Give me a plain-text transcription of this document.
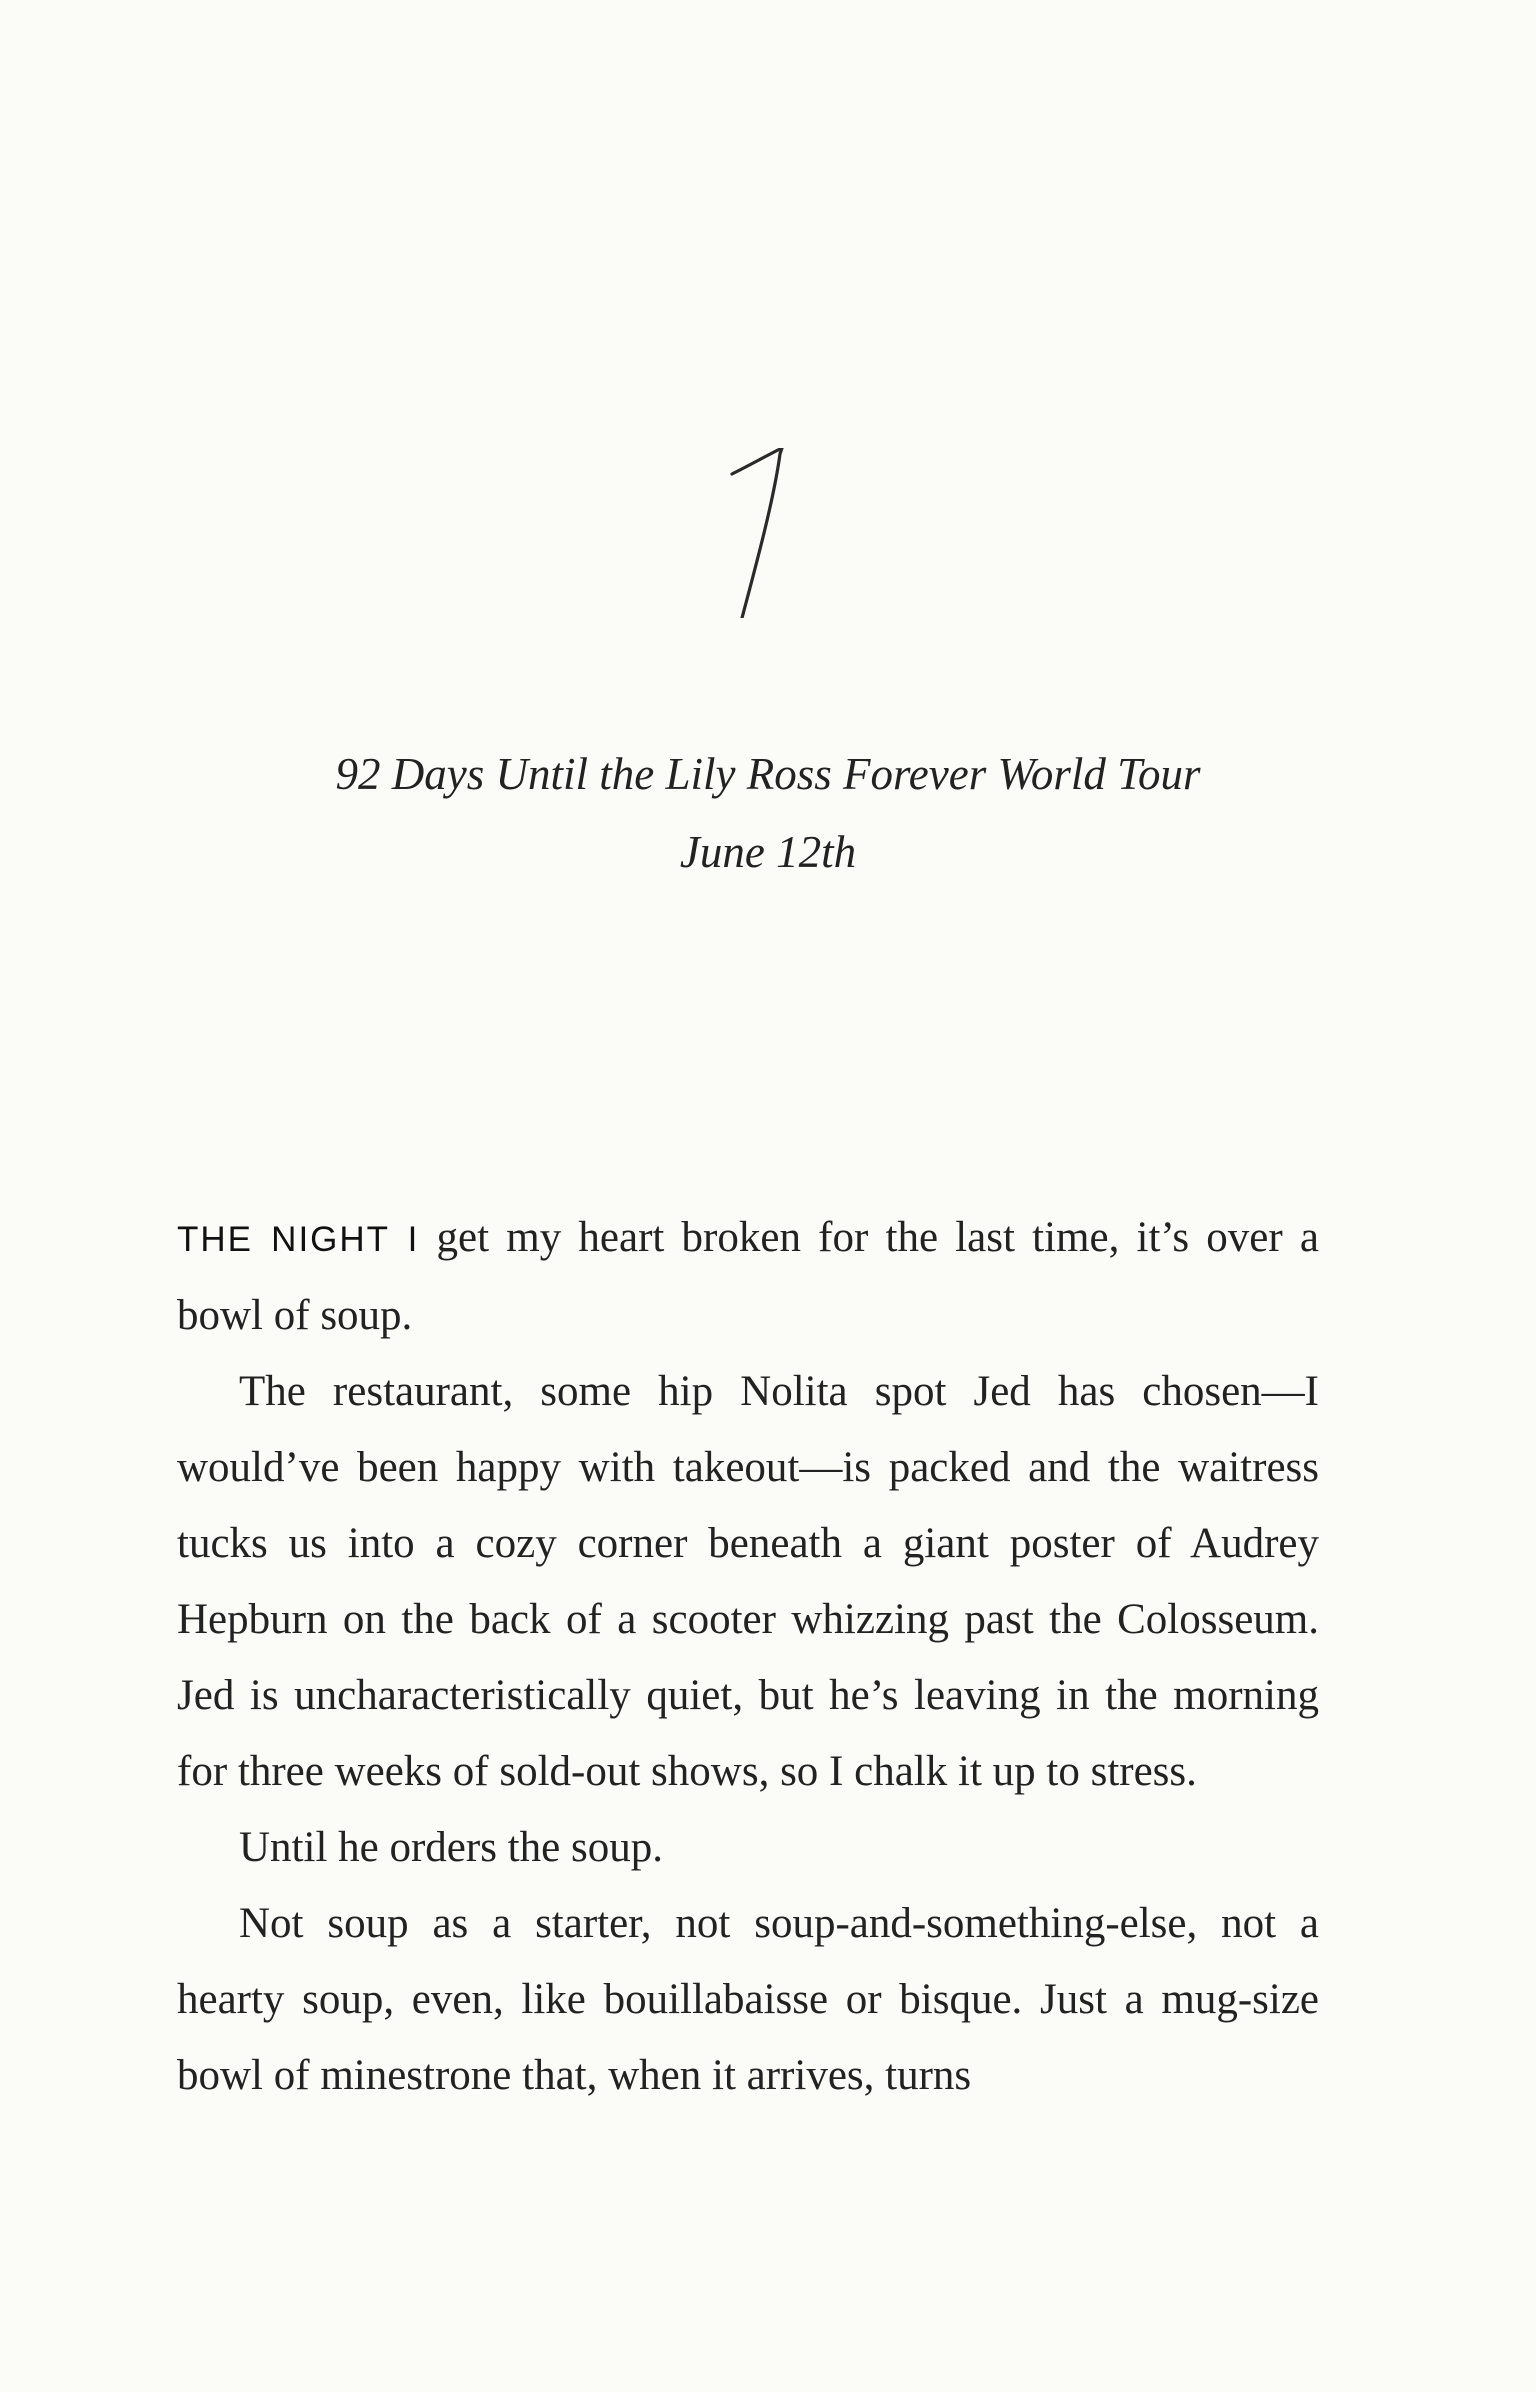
92 Days Until the Lily Ross Forever World Tour
June 12th

THE NIGHT I get my heart broken for the last time, it’s over a bowl of soup.

The restaurant, some hip Nolita spot Jed has chosen—I would’ve been happy with takeout—is packed and the waitress tucks us into a cozy corner beneath a giant poster of Audrey Hepburn on the back of a scooter whizzing past the Colosseum. Jed is uncharacteristically quiet, but he’s leaving in the morning for three weeks of sold-out shows, so I chalk it up to stress.

Until he orders the soup.

Not soup as a starter, not soup-and-something-else, not a hearty soup, even, like bouillabaisse or bisque. Just a mug-size bowl of minestrone that, when it arrives, turns
